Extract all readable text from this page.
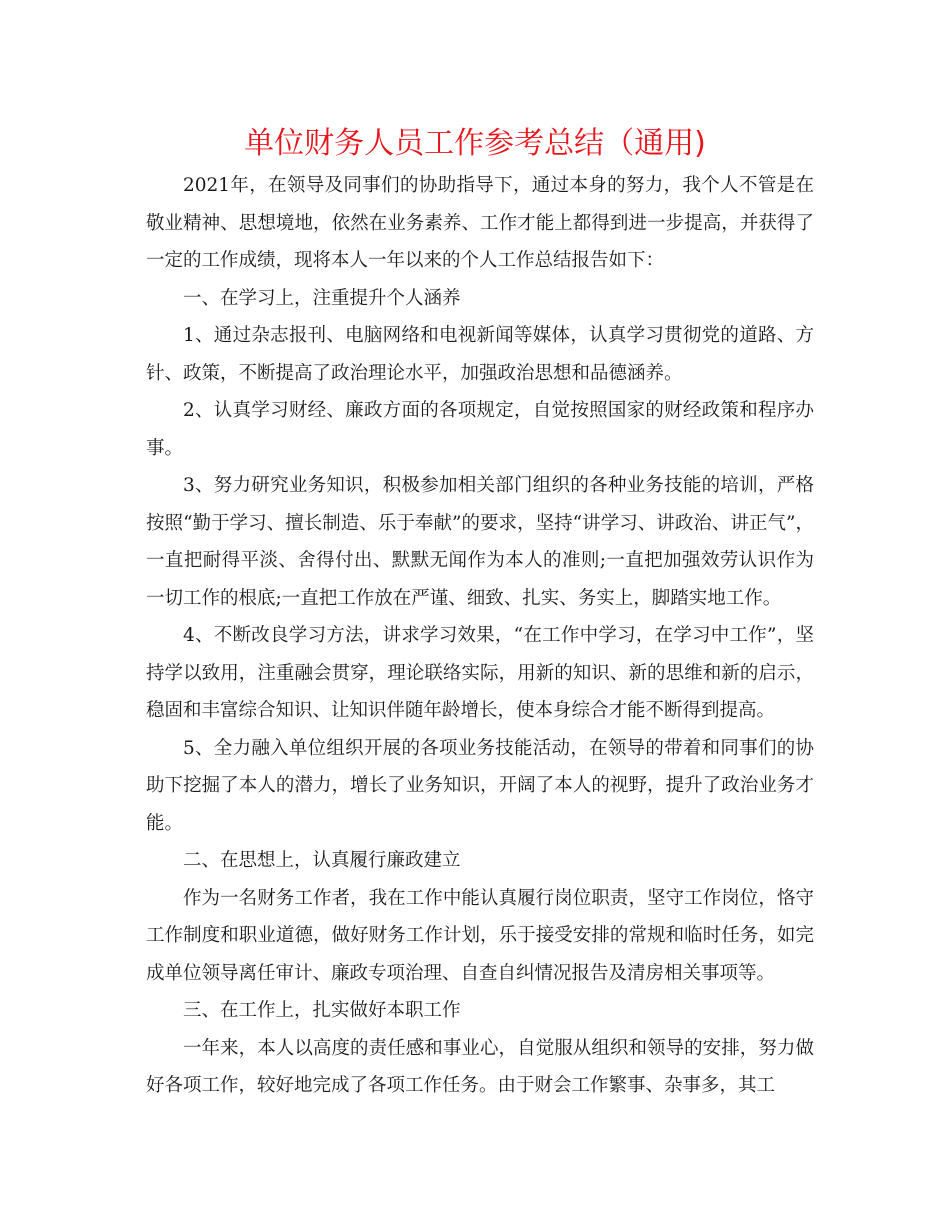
单位财务人员工作参考总结（通用)

2021年，在领导及同事们的协助指导下，通过本身的努力，我个人不管是在敬业精神、思想境地，依然在业务素养、工作才能上都得到进一步提高，并获得了一定的工作成绩，现将本人一年以来的个人工作总结报告如下：

一、在学习上，注重提升个人涵养

1、通过杂志报刊、电脑网络和电视新闻等媒体，认真学习贯彻党的道路、方针、政策，不断提高了政治理论水平，加强政治思想和品德涵养。

2、认真学习财经、廉政方面的各项规定，自觉按照国家的财经政策和程序办事。

3、努力研究业务知识，积极参加相关部门组织的各种业务技能的培训，严格按照“勤于学习、擅长制造、乐于奉献”的要求，坚持“讲学习、讲政治、讲正气”，一直把耐得平淡、舍得付出、默默无闻作为本人的准则;一直把加强效劳认识作为一切工作的根底;一直把工作放在严谨、细致、扎实、务实上，脚踏实地工作。

4、不断改良学习方法，讲求学习效果，“在工作中学习，在学习中工作”，坚持学以致用，注重融会贯穿，理论联络实际，用新的知识、新的思维和新的启示，稳固和丰富综合知识、让知识伴随年龄增长，使本身综合才能不断得到提高。

5、全力融入单位组织开展的各项业务技能活动，在领导的带着和同事们的协助下挖掘了本人的潜力，增长了业务知识，开阔了本人的视野，提升了政治业务才能。

二、在思想上，认真履行廉政建立

作为一名财务工作者，我在工作中能认真履行岗位职责，坚守工作岗位，恪守工作制度和职业道德，做好财务工作计划，乐于接受安排的常规和临时任务，如完成单位领导离任审计、廉政专项治理、自查自纠情况报告及清房相关事项等。

三、在工作上，扎实做好本职工作

一年来，本人以高度的责任感和事业心，自觉服从组织和领导的安排，努力做好各项工作，较好地完成了各项工作任务。由于财会工作繁事、杂事多，其工
